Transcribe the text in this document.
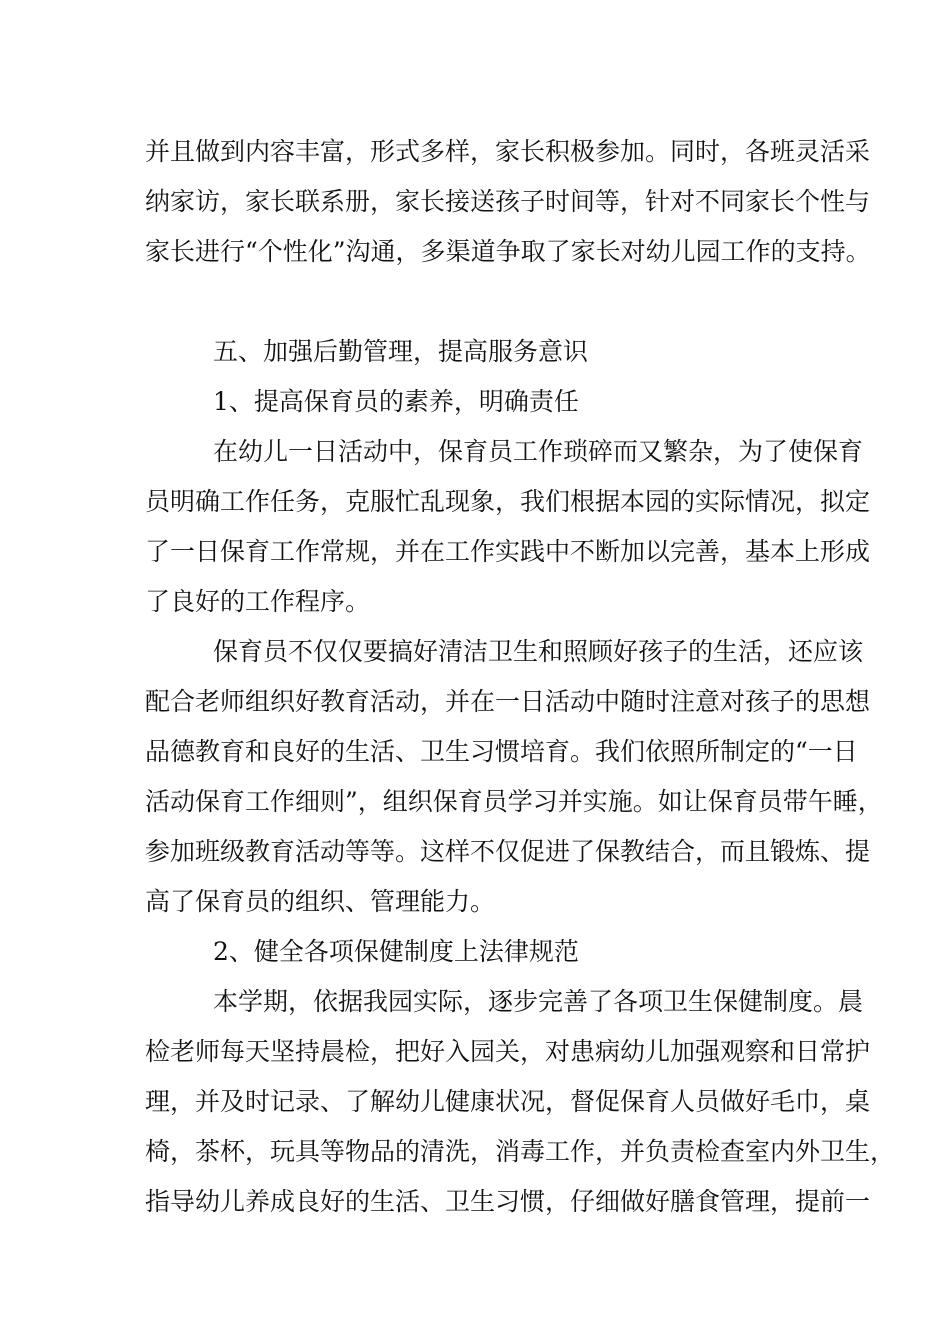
并且做到内容丰富，形式多样，家长积极参加。同时，各班灵活采
纳家访，家长联系册，家长接送孩子时间等，针对不同家长个性与
家长进行“个性化”沟通，多渠道争取了家长对幼儿园工作的支持。
五、加强后勤管理，提高服务意识
1、提高保育员的素养，明确责任
在幼儿一日活动中，保育员工作琐碎而又繁杂，为了使保育
员明确工作任务，克服忙乱现象，我们根据本园的实际情况，拟定
了一日保育工作常规，并在工作实践中不断加以完善，基本上形成
了良好的工作程序。
保育员不仅仅要搞好清洁卫生和照顾好孩子的生活，还应该
配合老师组织好教育活动，并在一日活动中随时注意对孩子的思想
品德教育和良好的生活、卫生习惯培育。我们依照所制定的“一日
活动保育工作细则”，组织保育员学习并实施。如让保育员带午睡，
参加班级教育活动等等。这样不仅促进了保教结合，而且锻炼、提
高了保育员的组织、管理能力。
2、健全各项保健制度上法律规范
本学期，依据我园实际，逐步完善了各项卫生保健制度。晨
检老师每天坚持晨检，把好入园关，对患病幼儿加强观察和日常护
理，并及时记录、了解幼儿健康状况，督促保育人员做好毛巾，桌
椅，茶杯，玩具等物品的清洗，消毒工作，并负责检查室内外卫生，
指导幼儿养成良好的生活、卫生习惯，仔细做好膳食管理，提前一
